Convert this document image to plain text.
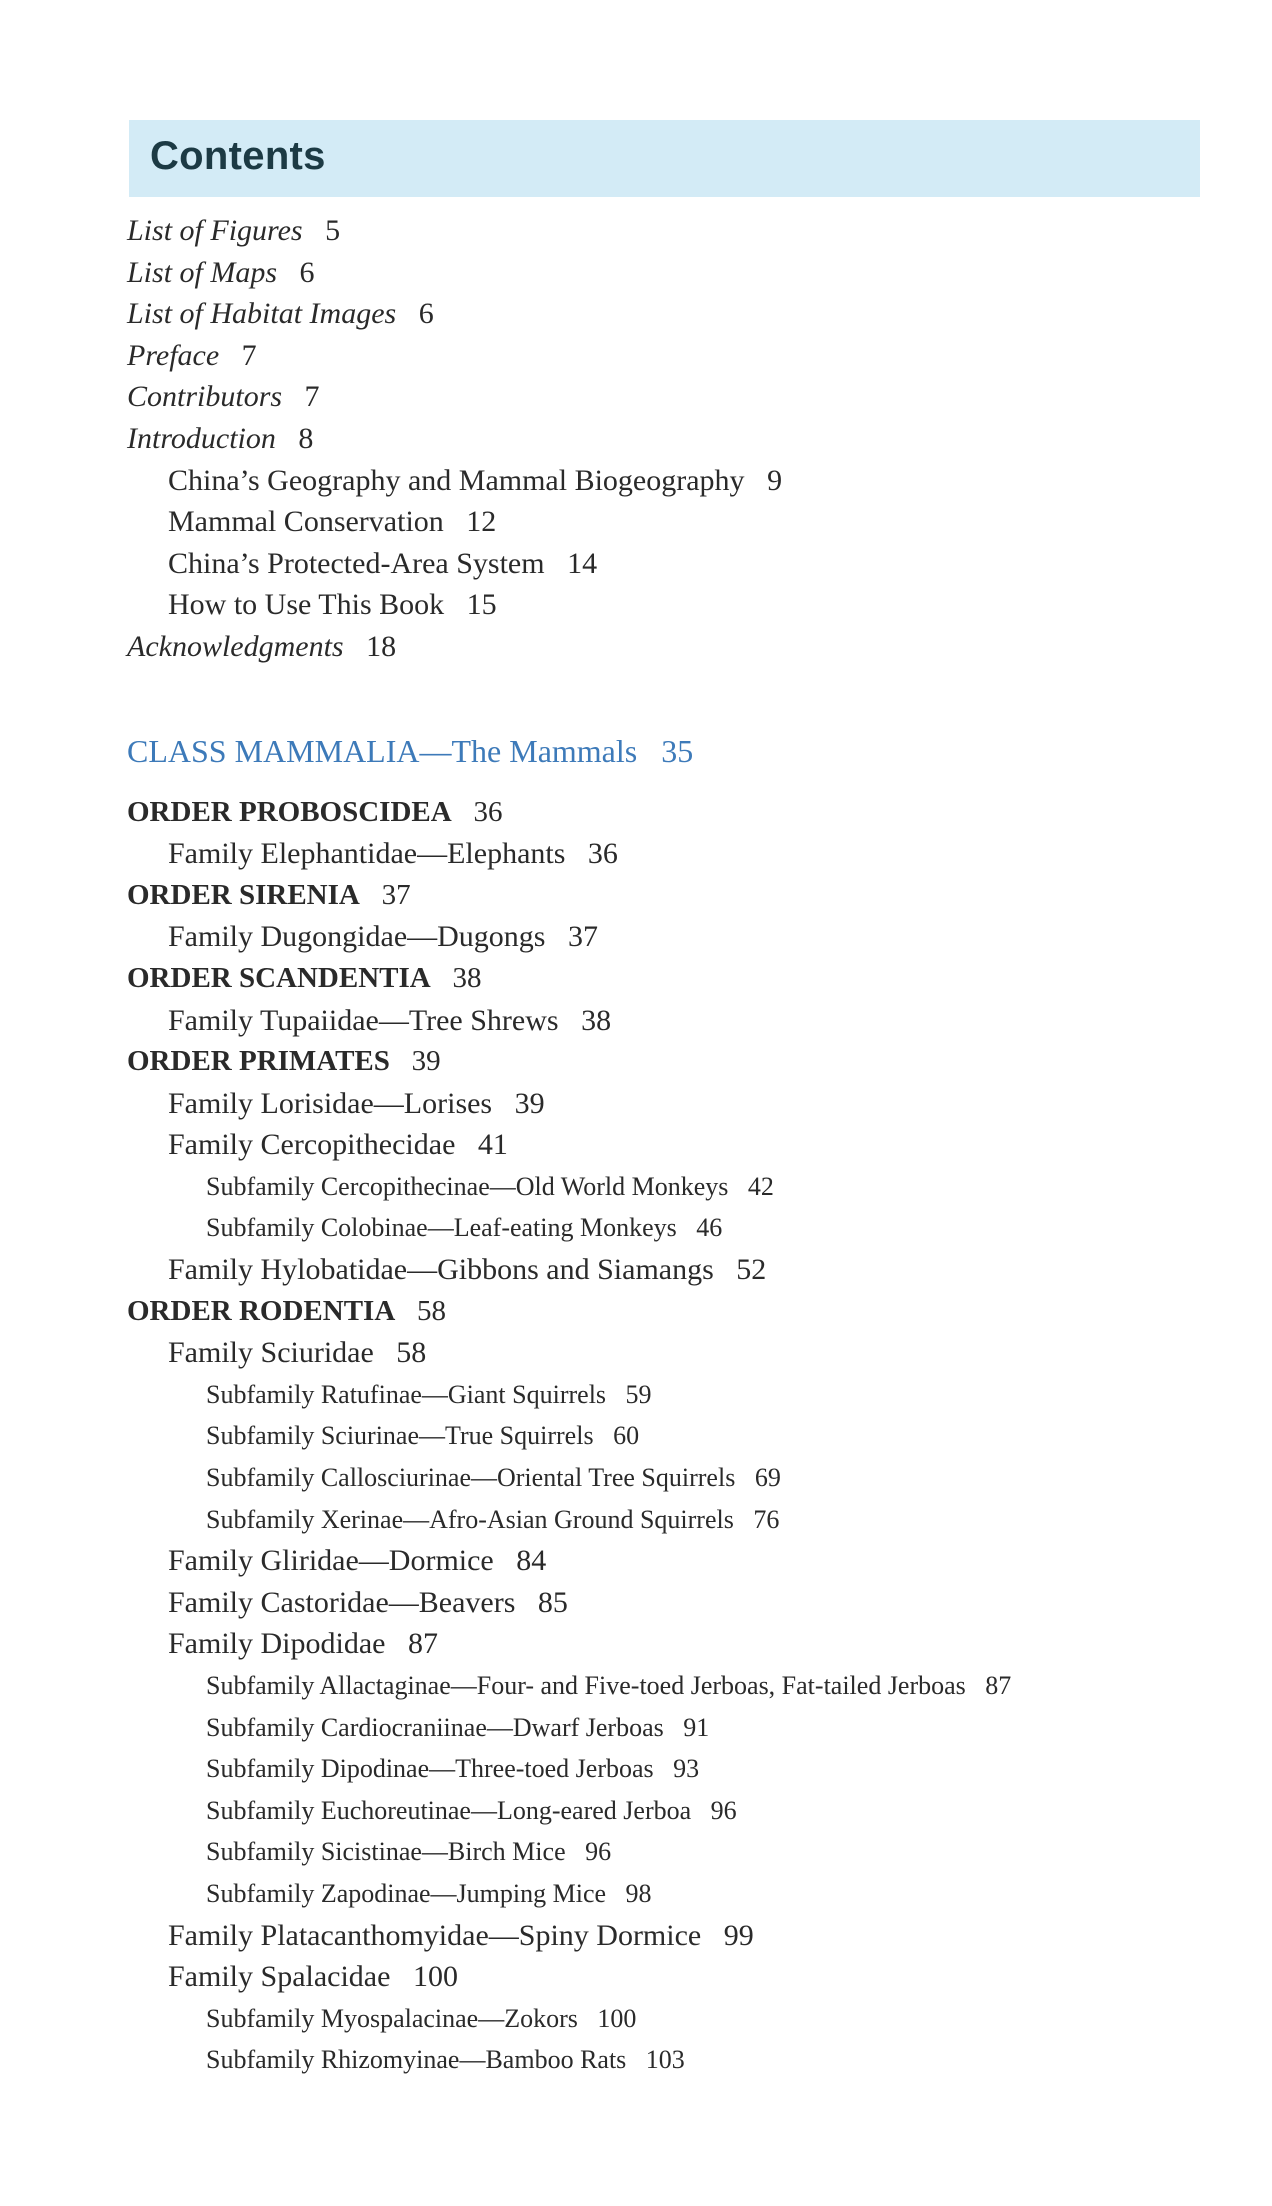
Contents
List of Figures 5
List of Maps 6
List of Habitat Images 6
Preface 7
Contributors 7
Introduction 8
China’s Geography and Mammal Biogeography 9
Mammal Conservation 12
China’s Protected-Area System 14
How to Use This Book 15
Acknowledgments 18
CLASS MAMMALIA—The Mammals 35
ORDER PROBOSCIDEA 36
Family Elephantidae—Elephants 36
ORDER SIRENIA 37
Family Dugongidae—Dugongs 37
ORDER SCANDENTIA 38
Family Tupaiidae—Tree Shrews 38
ORDER PRIMATES 39
Family Lorisidae—Lorises 39
Family Cercopithecidae 41
Subfamily Cercopithecinae—Old World Monkeys 42
Subfamily Colobinae—Leaf-eating Monkeys 46
Family Hylobatidae—Gibbons and Siamangs 52
ORDER RODENTIA 58
Family Sciuridae 58
Subfamily Ratufinae—Giant Squirrels 59
Subfamily Sciurinae—True Squirrels 60
Subfamily Callosciurinae—Oriental Tree Squirrels 69
Subfamily Xerinae—Afro-Asian Ground Squirrels 76
Family Gliridae—Dormice 84
Family Castoridae—Beavers 85
Family Dipodidae 87
Subfamily Allactaginae—Four- and Five-toed Jerboas, Fat-tailed Jerboas 87
Subfamily Cardiocraniinae—Dwarf Jerboas 91
Subfamily Dipodinae—Three-toed Jerboas 93
Subfamily Euchoreutinae—Long-eared Jerboa 96
Subfamily Sicistinae—Birch Mice 96
Subfamily Zapodinae—Jumping Mice 98
Family Platacanthomyidae—Spiny Dormice 99
Family Spalacidae 100
Subfamily Myospalacinae—Zokors 100
Subfamily Rhizomyinae—Bamboo Rats 103
